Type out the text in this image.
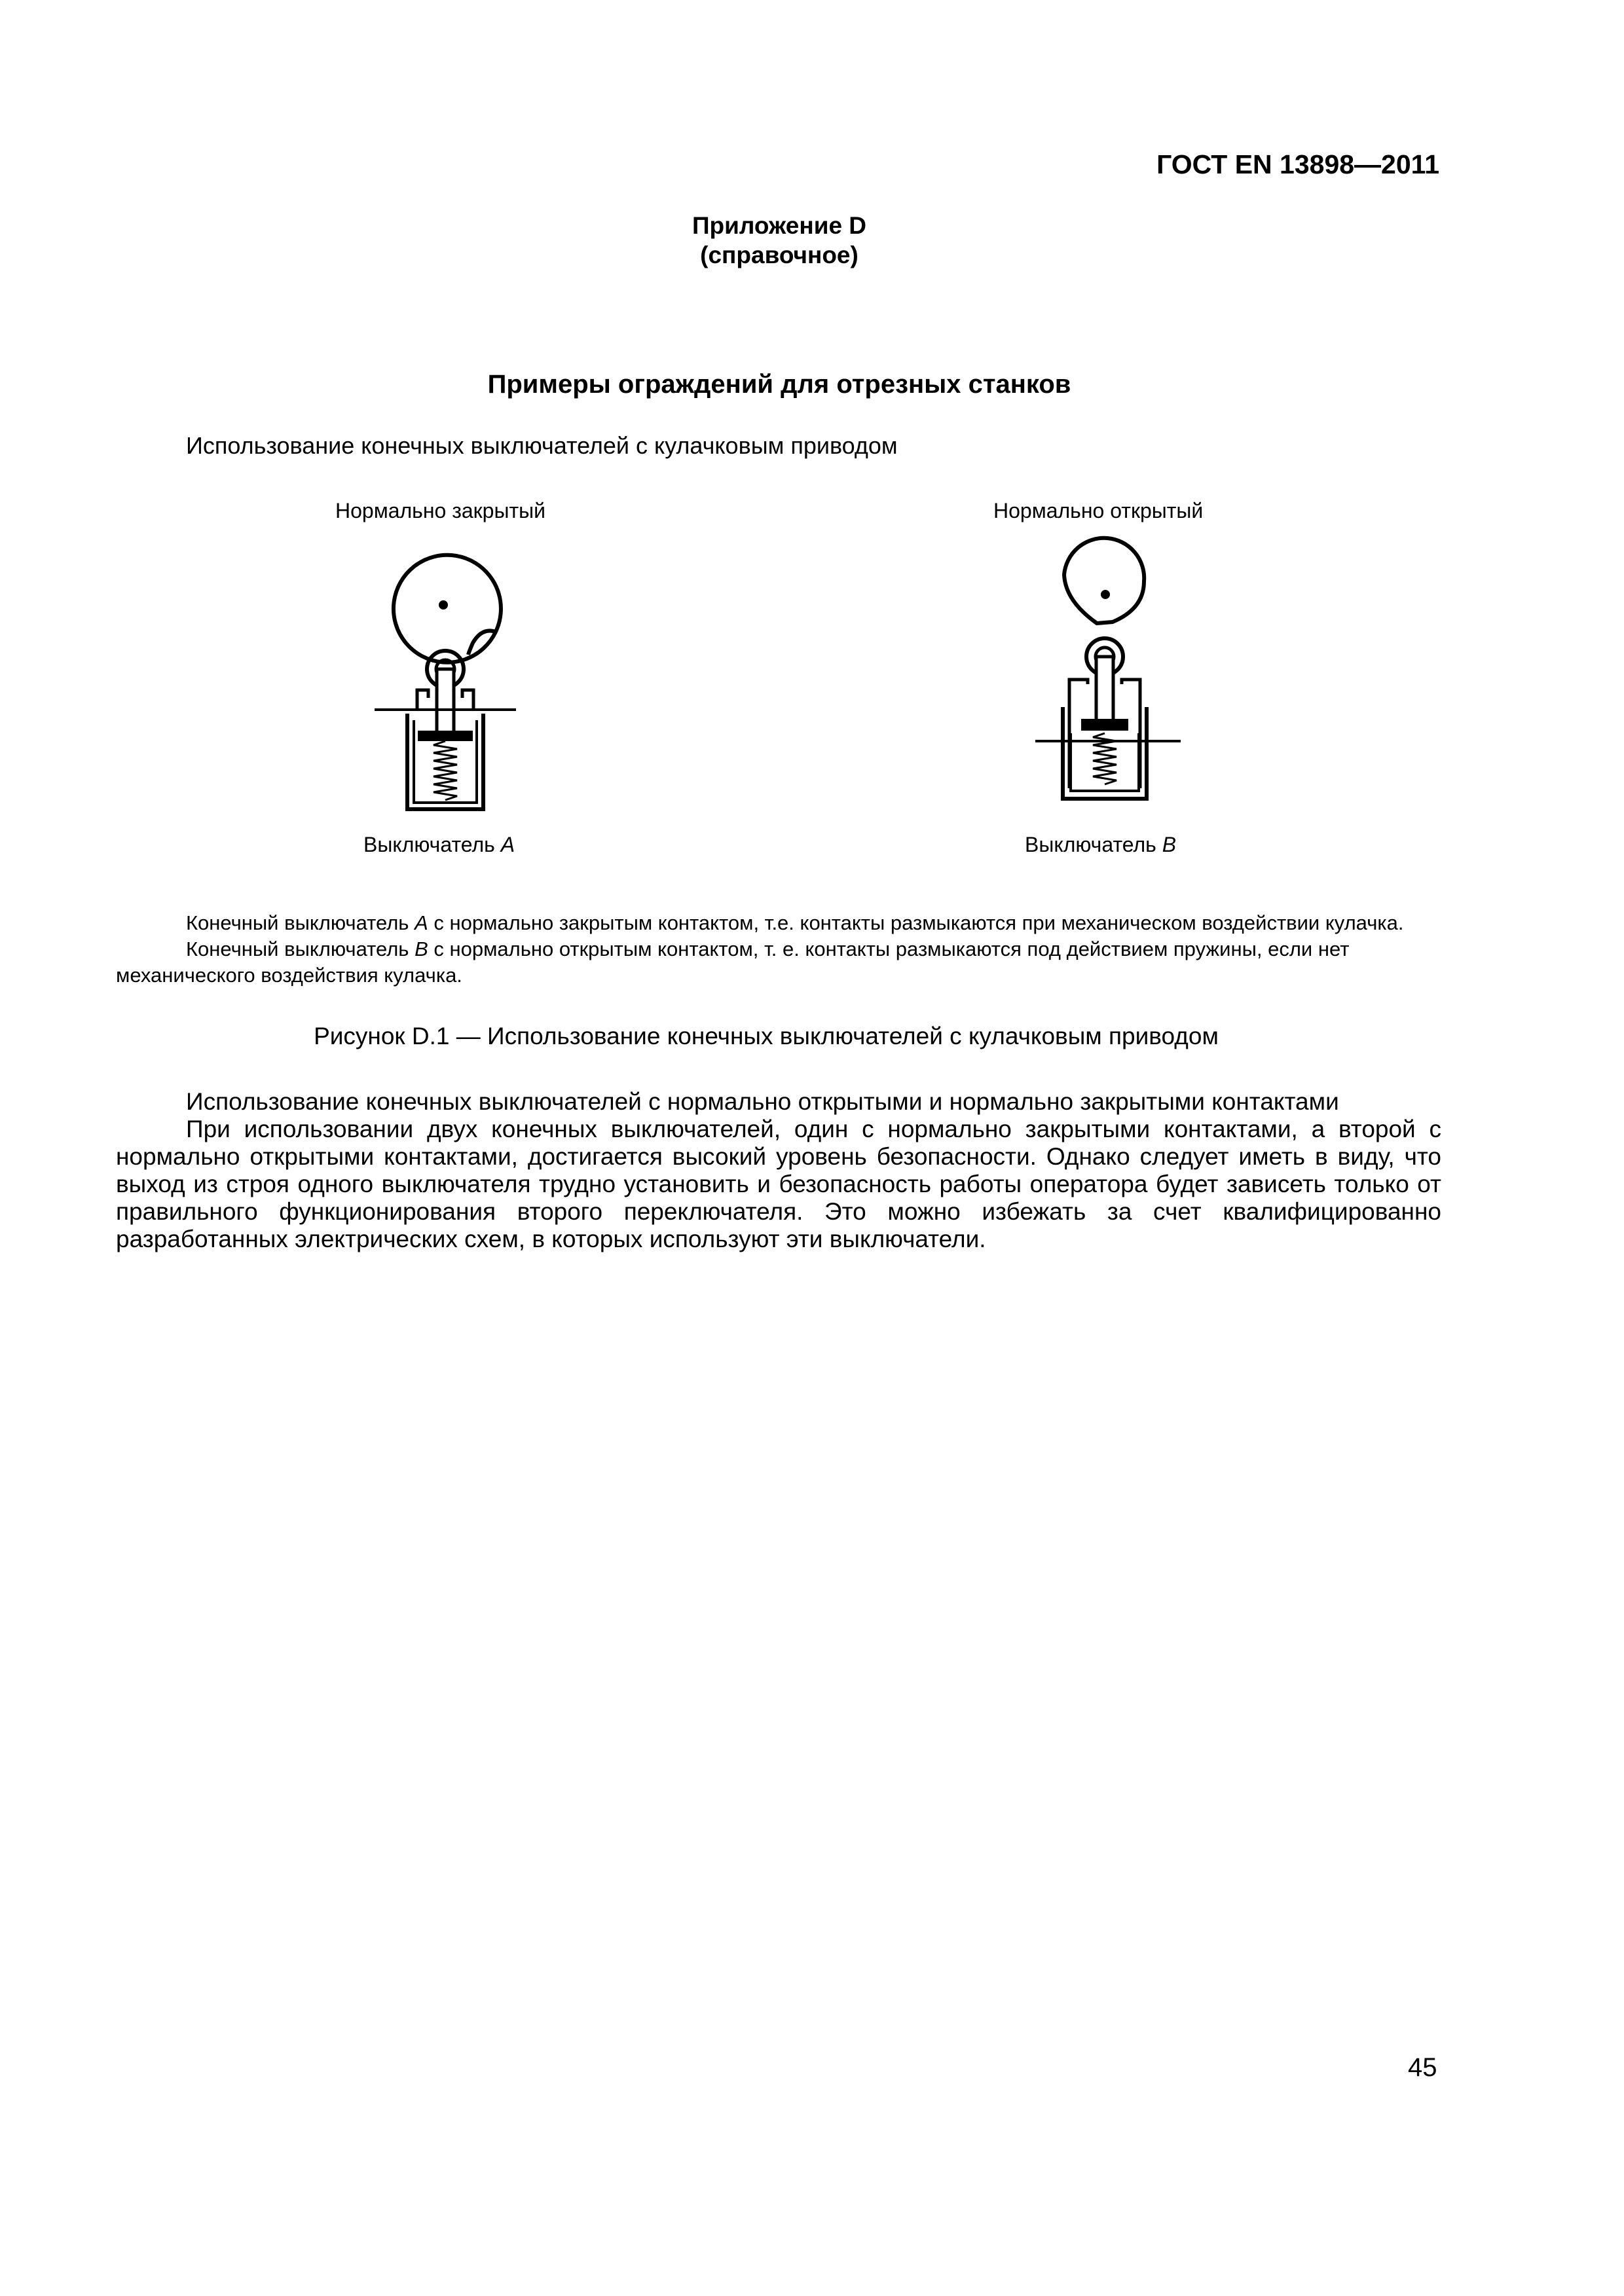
ГОСТ EN 13898—2011
Приложение D
(справочное)
Примеры ограждений для отрезных станков
Использование конечных выключателей с кулачковым приводом
Нормально закрытый	Нормально открытый
Выключатель A	Выключатель B
Конечный выключатель A с нормально закрытым контактом, т.е. контакты размыкаются при механическом воздействии кулачка.
Конечный выключатель B с нормально открытым контактом, т. е. контакты размыкаются под действием пружины, если нет механического воздействия кулачка.
Рисунок D.1 — Использование конечных выключателей с кулачковым приводом
Использование конечных выключателей с нормально открытыми и нормально закрытыми контактами
При использовании двух конечных выключателей, один с нормально закрытыми контактами, а второй с нормально открытыми контактами, достигается высокий уровень безопасности. Однако следует иметь в виду, что выход из строя одного выключателя трудно установить и безопасность работы оператора будет зависеть только от правильного функционирования второго переключателя. Это можно избежать за счет квалифицированно разработанных электрических схем, в которых используют эти выключатели.
45
